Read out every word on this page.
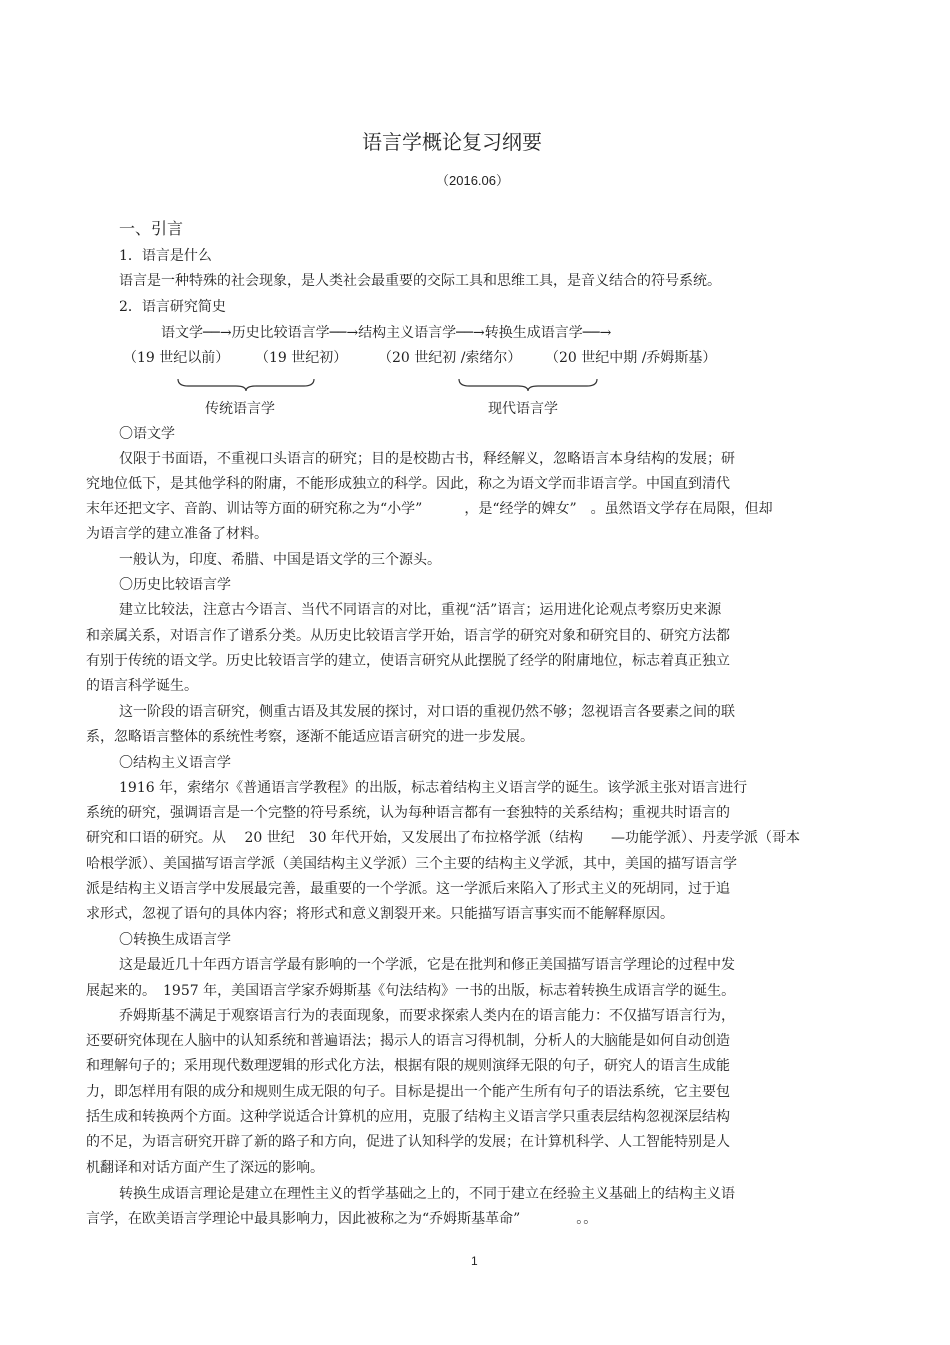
语言学概论复习纲要
（2016.06）
一、引言
1．语言是什么
语言是一种特殊的社会现象，是人类社会最重要的交际工具和思维工具，是音义结合的符号系统。
2．语言研究简史
语文学──→历史比较语言学──→结构主义语言学──→转换生成语言学──→
（19 世纪以前） （19 世纪初） （20 世纪初 /索绪尔） （20 世纪中期 /乔姆斯基）
传统语言学	现代语言学
〇语文学
仅限于书面语，不重视口头语言的研究；目的是校勘古书，释经解义，忽略语言本身结构的发展；研
究地位低下，是其他学科的附庸，不能形成独立的科学。因此，称之为语文学而非语言学。中国直到清代
末年还把文字、音韵、训诂等方面的研究称之为“小学”　　　，是“经学的婢女”　。虽然语文学存在局限，但却
为语言学的建立准备了材料。
一般认为，印度、希腊、中国是语文学的三个源头。
〇历史比较语言学
建立比较法，注意古今语言、当代不同语言的对比，重视“活”语言；运用进化论观点考察历史来源
和亲属关系，对语言作了谱系分类。从历史比较语言学开始，语言学的研究对象和研究目的、研究方法都
有别于传统的语文学。历史比较语言学的建立，使语言研究从此摆脱了经学的附庸地位，标志着真正独立
的语言科学诞生。
这一阶段的语言研究，侧重古语及其发展的探讨，对口语的重视仍然不够；忽视语言各要素之间的联
系，忽略语言整体的系统性考察，逐渐不能适应语言研究的进一步发展。
〇结构主义语言学
1916 年，索绪尔《普通语言学教程》的出版，标志着结构主义语言学的诞生。该学派主张对语言进行
系统的研究，强调语言是一个完整的符号系统，认为每种语言都有一套独特的关系结构；重视共时语言的
研究和口语的研究。从　 20 世纪　30 年代开始，又发展出了布拉格学派（结构　　—功能学派）、丹麦学派（哥本
哈根学派）、美国描写语言学派（美国结构主义学派）三个主要的结构主义学派，其中，美国的描写语言学
派是结构主义语言学中发展最完善，最重要的一个学派。这一学派后来陷入了形式主义的死胡同，过于追
求形式，忽视了语句的具体内容；将形式和意义割裂开来。只能描写语言事实而不能解释原因。
〇转换生成语言学
这是最近几十年西方语言学最有影响的一个学派，它是在批判和修正美国描写语言学理论的过程中发
展起来的。　1957 年，美国语言学家乔姆斯基《句法结构》一书的出版，标志着转换生成语言学的诞生。
乔姆斯基不满足于观察语言行为的表面现象，而要求探索人类内在的语言能力：不仅描写语言行为，
还要研究体现在人脑中的认知系统和普遍语法；揭示人的语言习得机制，分析人的大脑能是如何自动创造
和理解句子的；采用现代数理逻辑的形式化方法，根据有限的规则演绎无限的句子，研究人的语言生成能
力，即怎样用有限的成分和规则生成无限的句子。目标是提出一个能产生所有句子的语法系统，它主要包
括生成和转换两个方面。这种学说适合计算机的应用，克服了结构主义语言学只重表层结构忽视深层结构
的不足，为语言研究开辟了新的路子和方向，促进了认知科学的发展；在计算机科学、人工智能特别是人
机翻译和对话方面产生了深远的影响。
转换生成语言理论是建立在理性主义的哲学基础之上的，不同于建立在经验主义基础上的结构主义语
言学，在欧美语言学理论中最具影响力，因此被称之为“乔姆斯基革命”　　　　。。
1
